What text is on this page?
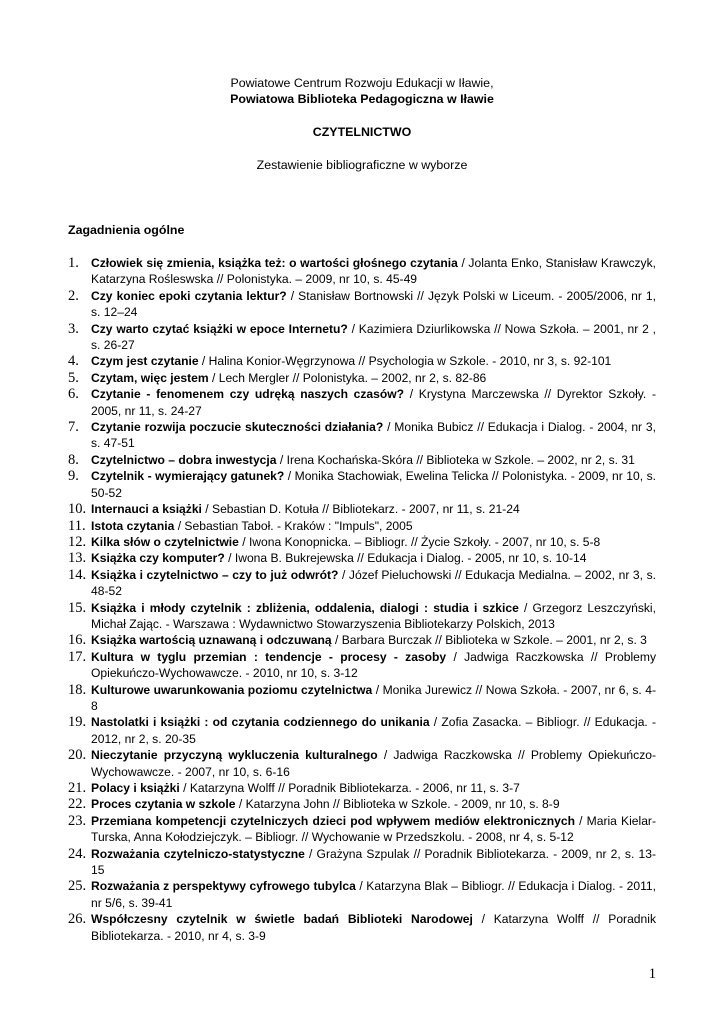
Powiatowe Centrum Rozwoju Edukacji w Iławie,
Powiatowa Biblioteka Pedagogiczna w Iławie
CZYTELNICTWO
Zestawienie bibliograficzne w wyborze
Zagadnienia ogólne
1. Człowiek się zmienia, książka też: o wartości głośnego czytania / Jolanta Enko, Stanisław Krawczyk, Katarzyna Rośleswska // Polonistyka. – 2009, nr 10, s. 45-49
2. Czy koniec epoki czytania lektur? / Stanisław Bortnowski // Język Polski w Liceum. - 2005/2006, nr 1, s. 12–24
3. Czy warto czytać książki w epoce Internetu? / Kazimiera Dziurlikowska // Nowa Szkoła. – 2001, nr 2 , s. 26-27
4. Czym jest czytanie / Halina Konior-Węgrzynowa // Psychologia w Szkole. - 2010, nr 3, s. 92-101
5. Czytam, więc jestem / Lech Mergler // Polonistyka. – 2002, nr 2, s. 82-86
6. Czytanie - fenomenem czy udręką naszych czasów? / Krystyna Marczewska // Dyrektor Szkoły. - 2005, nr 11, s. 24-27
7. Czytanie rozwija poczucie skuteczności działania? / Monika Bubicz // Edukacja i Dialog. - 2004, nr 3, s. 47-51
8. Czytelnictwo – dobra inwestycja / Irena Kochańska-Skóra // Biblioteka w Szkole. – 2002, nr 2, s. 31
9. Czytelnik - wymierający gatunek? / Monika Stachowiak, Ewelina Telicka // Polonistyka. - 2009, nr 10, s. 50-52
10. Internauci a książki / Sebastian D. Kotuła // Bibliotekarz. - 2007, nr 11, s. 21-24
11. Istota czytania / Sebastian Taboł. - Kraków : "Impuls", 2005
12. Kilka słów o czytelnictwie / Iwona Konopnicka. – Bibliogr. // Życie Szkoły. - 2007, nr 10, s. 5-8
13. Książka czy komputer? / Iwona B. Bukrejewska // Edukacja i Dialog. - 2005, nr 10, s. 10-14
14. Książka i czytelnictwo – czy to już odwrót? / Józef Pieluchowski // Edukacja Medialna. – 2002, nr 3, s. 48-52
15. Książka i młody czytelnik : zbliżenia, oddalenia, dialogi : studia i szkice / Grzegorz Leszczyński, Michał Zając. - Warszawa : Wydawnictwo Stowarzyszenia Bibliotekarzy Polskich, 2013
16. Książka wartością uznawaną i odczuwaną / Barbara Burczak // Biblioteka w Szkole. – 2001, nr 2, s. 3
17. Kultura w tyglu przemian : tendencje - procesy - zasoby / Jadwiga Raczkowska // Problemy Opiekuńczo-Wychowawcze. - 2010, nr 10, s. 3-12
18. Kulturowe uwarunkowania poziomu czytelnictwa / Monika Jurewicz // Nowa Szkoła. - 2007, nr 6, s. 4-8
19. Nastolatki i książki : od czytania codziennego do unikania / Zofia Zasacka. – Bibliogr. // Edukacja. - 2012, nr 2, s. 20-35
20. Nieczytanie przyczyną wykluczenia kulturalnego / Jadwiga Raczkowska // Problemy Opiekuńczo-Wychowawcze. - 2007, nr 10, s. 6-16
21. Polacy i książki / Katarzyna Wolff // Poradnik Bibliotekarza. - 2006, nr 11, s. 3-7
22. Proces czytania w szkole / Katarzyna John // Biblioteka w Szkole. - 2009, nr 10, s. 8-9
23. Przemiana kompetencji czytelniczych dzieci pod wpływem mediów elektronicznych / Maria Kielar-Turska, Anna Kołodziejczyk. – Bibliogr. // Wychowanie w Przedszkolu. - 2008, nr 4, s. 5-12
24. Rozważania czytelniczo-statystyczne / Grażyna Szpulak // Poradnik Bibliotekarza. - 2009, nr 2, s. 13-15
25. Rozważania z perspektywy cyfrowego tubylca / Katarzyna Blak – Bibliogr. // Edukacja i Dialog. - 2011, nr 5/6, s. 39-41
26. Współczesny czytelnik w świetle badań Biblioteki Narodowej / Katarzyna Wolff // Poradnik Bibliotekarza. - 2010, nr 4, s. 3-9
1
